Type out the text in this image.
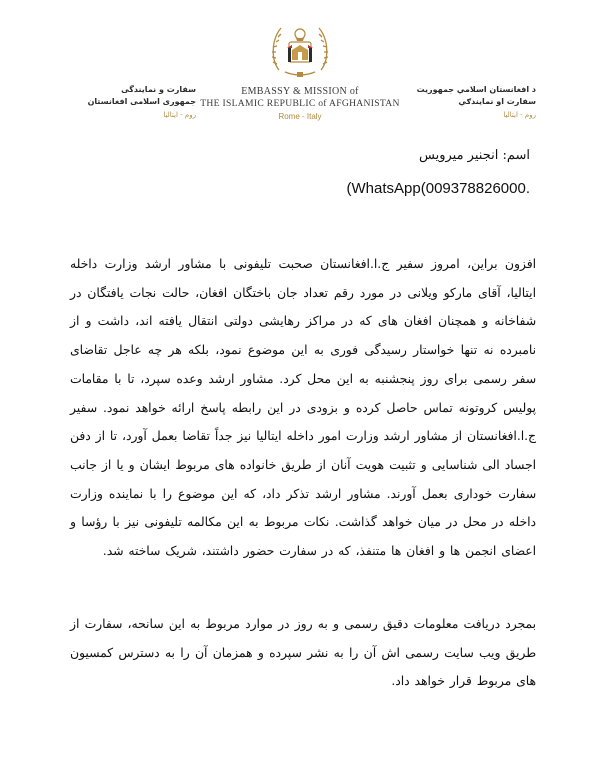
EMBASSY & MISSION of
THE ISLAMIC REPUBLIC of AFGHANISTAN
Rome - Italy
سفارت و نمایندگی
جمهوری اسلامی افغانستان
روم - ایتالیا
د افغانستان اسلامي جمهوریت
سفارت او نمایندګي
روم - ایتالیا
اسم: انجنیر میرویس
(WhatsApp(009378826000.
افزون براین، امروز سفیر ج.ا.افغانستان صحبت تلیفونی با مشاور ارشد وزارت داخله ایتالیا، آقای مارکو ویلانی در مورد رقم تعداد جان باختگان افغان، حالت نجات یافتگان در شفاخانه و همچنان افغان های که در مراکز رهایشی دولتی انتقال یافته اند، داشت و از نامبرده نه تنها خواستار رسیدگی فوری به این موضوع نمود، بلکه هر چه عاجل تقاضای سفر رسمی برای روز پنجشنبه به این محل کرد. مشاور ارشد وعده سپرد، تا با مقامات پولیس کروتونه تماس حاصل کرده و بزودی در این رابطه پاسخ ارائه خواهد نمود. سفیر ج.ا.افغانستان از مشاور ارشد وزارت امور داخله ایتالیا نیز جداً تقاضا بعمل آورد، تا از دفن اجساد الی شناسایی و تثبیت هویت آنان از طریق خانواده های مربوط ایشان و یا از جانب سفارت خوداری بعمل آورند. مشاور ارشد تذکر داد، که این موضوع را با نماینده وزارت داخله در محل در میان خواهد گذاشت. نکات مربوط به این مکالمه تلیفونی نیز با رؤسا و اعضای انجمن ها و افغان ها متنفذ، که در سفارت حضور داشتند، شریک ساخته شد.
بمجرد دریافت معلومات دقیق رسمی و به روز در موارد مربوط به این سانحه، سفارت از طریق ویب سایت رسمی اش آن را به نشر سپرده و همزمان آن را به دسترس کمسیون های مربوط قرار خواهد داد.
